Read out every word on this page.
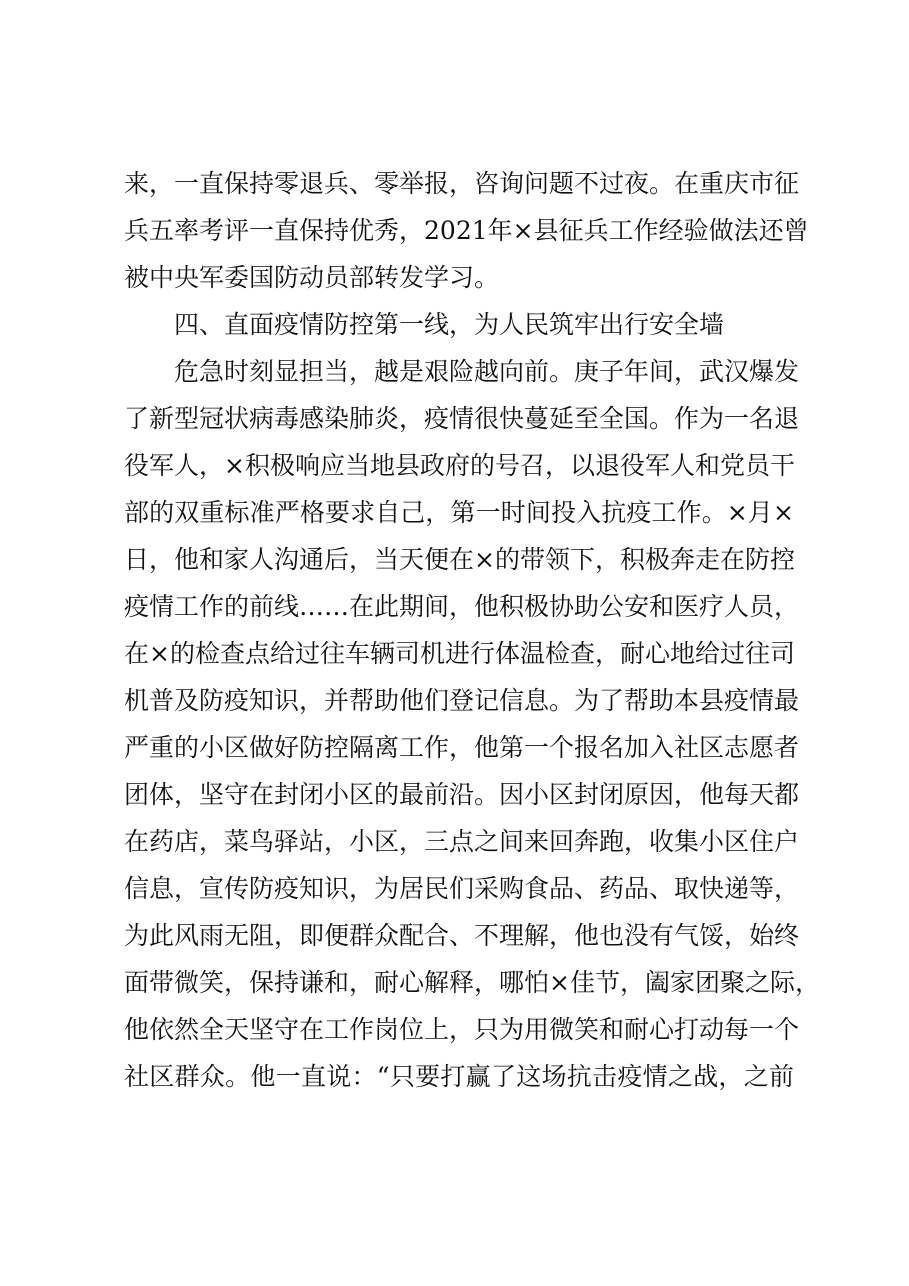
来，一直保持零退兵、零举报，咨询问题不过夜。在重庆市征
兵五率考评一直保持优秀，2021年×县征兵工作经验做法还曾
被中央军委国防动员部转发学习。
四、直面疫情防控第一线，为人民筑牢出行安全墙
危急时刻显担当，越是艰险越向前。庚子年间，武汉爆发
了新型冠状病毒感染肺炎，疫情很快蔓延至全国。作为一名退
役军人，×积极响应当地县政府的号召，以退役军人和党员干
部的双重标准严格要求自己，第一时间投入抗疫工作。×月×
日，他和家人沟通后，当天便在×的带领下，积极奔走在防控
疫情工作的前线……在此期间，他积极协助公安和医疗人员，
在×的检查点给过往车辆司机进行体温检查，耐心地给过往司
机普及防疫知识，并帮助他们登记信息。为了帮助本县疫情最
严重的小区做好防控隔离工作，他第一个报名加入社区志愿者
团体，坚守在封闭小区的最前沿。因小区封闭原因，他每天都
在药店，菜鸟驿站，小区，三点之间来回奔跑，收集小区住户
信息，宣传防疫知识，为居民们采购食品、药品、取快递等，
为此风雨无阻，即便群众配合、不理解，他也没有气馁，始终
面带微笑，保持谦和，耐心解释，哪怕×佳节，阖家团聚之际，
他依然全天坚守在工作岗位上，只为用微笑和耐心打动每一个
社区群众。他一直说：“只要打赢了这场抗击疫情之战，之前
